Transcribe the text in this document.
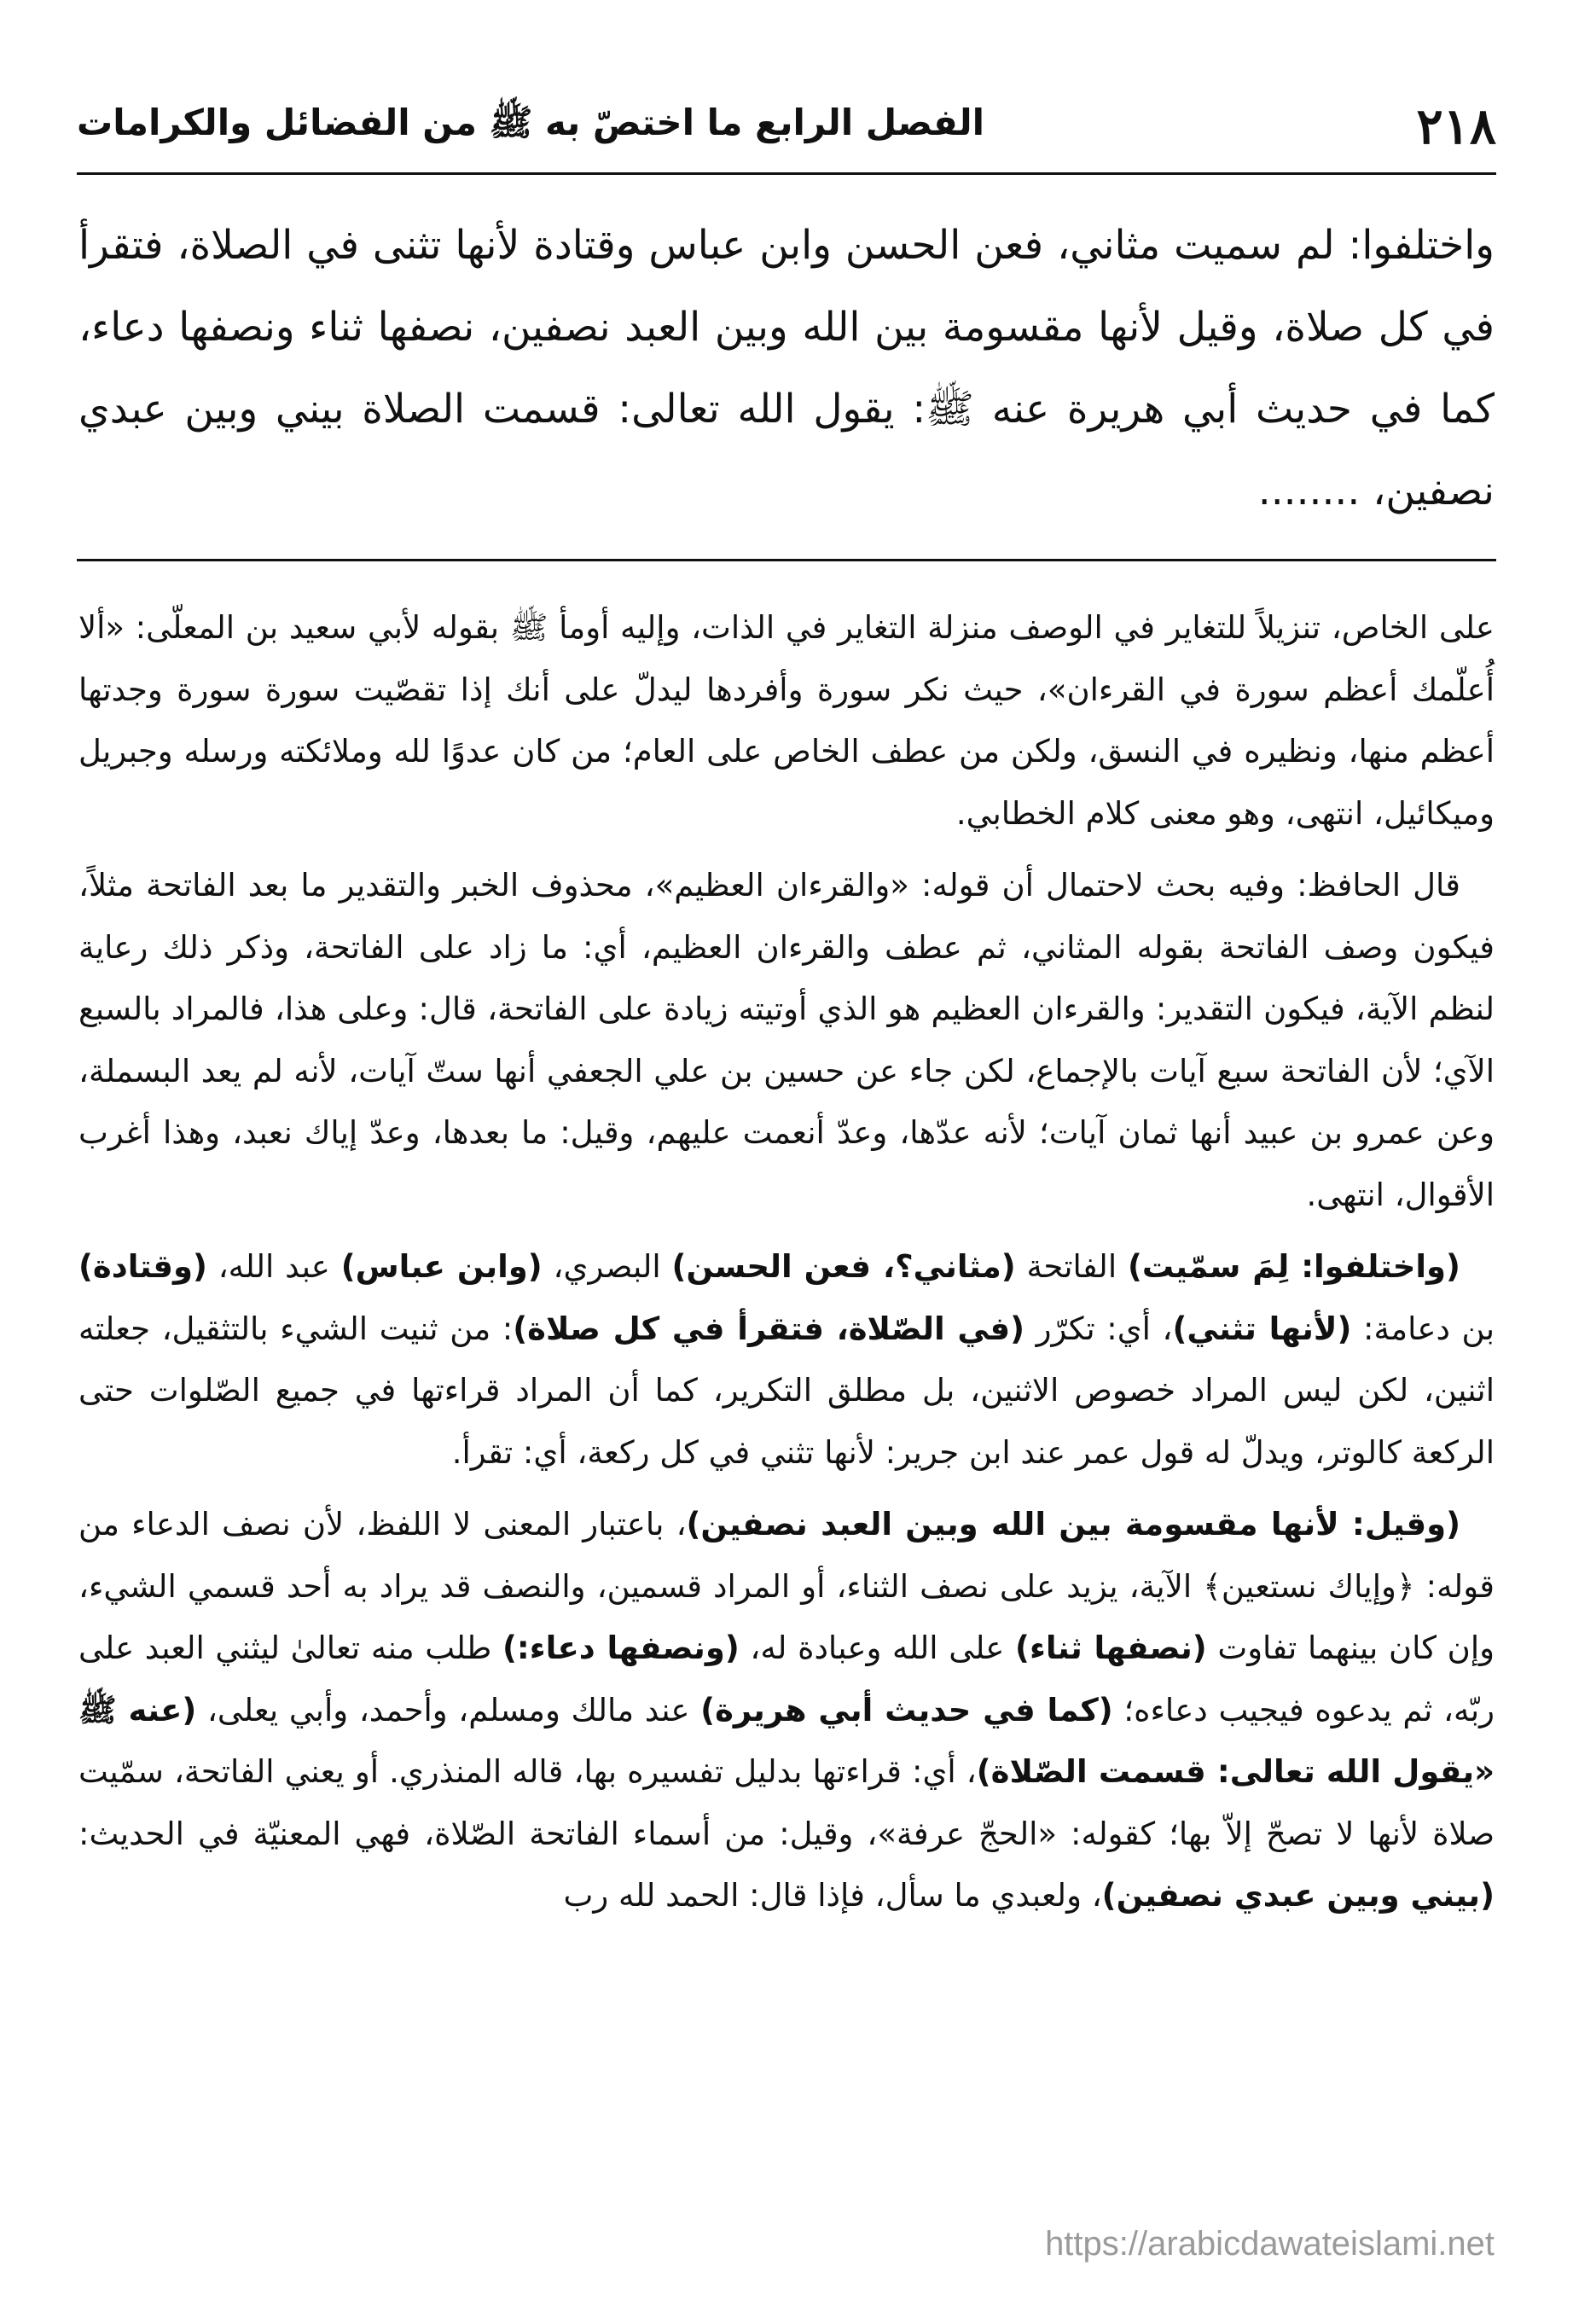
٢١٨
الفصل الرابع ما اختصّ به ﷺ من الفضائل والكرامات

واختلفوا: لم سميت مثاني، فعن الحسن وابن عباس وقتادة لأنها تثنى في الصلاة، فتقرأ في كل صلاة، وقيل لأنها مقسومة بين الله وبين العبد نصفين، نصفها ثناء ونصفها دعاء، كما في حديث أبي هريرة عنه ﷺ: يقول الله تعالى: قسمت الصلاة بيني وبين عبدي نصفين، ........

على الخاص، تنزيلاً للتغاير في الوصف منزلة التغاير في الذات، وإليه أومأ ﷺ بقوله لأبي سعيد بن المعلّى: «ألا أُعلّمك أعظم سورة في القرءان»، حيث نكر سورة وأفردها ليدلّ على أنك إذا تقصّيت سورة سورة وجدتها أعظم منها، ونظيره في النسق، ولكن من عطف الخاص على العام؛ من كان عدوًا لله وملائكته ورسله وجبريل وميكائيل، انتهى، وهو معنى كلام الخطابي.

قال الحافظ: وفيه بحث لاحتمال أن قوله: «والقرءان العظيم»، محذوف الخبر والتقدير ما بعد الفاتحة مثلاً، فيكون وصف الفاتحة بقوله المثاني، ثم عطف والقرءان العظيم، أي: ما زاد على الفاتحة، وذكر ذلك رعاية لنظم الآية، فيكون التقدير: والقرءان العظيم هو الذي أوتيته زيادة على الفاتحة، قال: وعلى هذا، فالمراد بالسبع الآي؛ لأن الفاتحة سبع آيات بالإجماع، لكن جاء عن حسين بن علي الجعفي أنها ستّ آيات، لأنه لم يعد البسملة، وعن عمرو بن عبيد أنها ثمان آيات؛ لأنه عدّها، وعدّ أنعمت عليهم، وقيل: ما بعدها، وعدّ إياك نعبد، وهذا أغرب الأقوال، انتهى.

(واختلفوا: لِمَ سمّيت) الفاتحة (مثاني؟، فعن الحسن) البصري، (وابن عباس) عبد الله، (وقتادة) بن دعامة: (لأنها تثني)، أي: تكرّر (في الصّلاة، فتقرأ في كل صلاة): من ثنيت الشيء بالتثقيل، جعلته اثنين، لكن ليس المراد خصوص الاثنين، بل مطلق التكرير، كما أن المراد قراءتها في جميع الصّلوات حتى الركعة كالوتر، ويدلّ له قول عمر عند ابن جرير: لأنها تثني في كل ركعة، أي: تقرأ.

(وقيل: لأنها مقسومة بين الله وبين العبد نصفين)، باعتبار المعنى لا اللفظ، لأن نصف الدعاء من قوله: ﴿وإياك نستعين﴾ الآية، يزيد على نصف الثناء، أو المراد قسمين، والنصف قد يراد به أحد قسمي الشيء، وإن كان بينهما تفاوت (نصفها ثناء) على الله وعبادة له، (ونصفها دعاء:) طلب منه تعالىٰ ليثني العبد على ربّه، ثم يدعوه فيجيب دعاءه؛ (كما في حديث أبي هريرة) عند مالك ومسلم، وأحمد، وأبي يعلى، (عنه ﷺ «يقول الله تعالى: قسمت الصّلاة)، أي: قراءتها بدليل تفسيره بها، قاله المنذري. أو يعني الفاتحة، سمّيت صلاة لأنها لا تصحّ إلاّ بها؛ كقوله: «الحجّ عرفة»، وقيل: من أسماء الفاتحة الصّلاة، فهي المعنيّة في الحديث: (بيني وبين عبدي نصفين)، ولعبدي ما سأل، فإذا قال: الحمد لله رب

https://arabicdawateislami.net
